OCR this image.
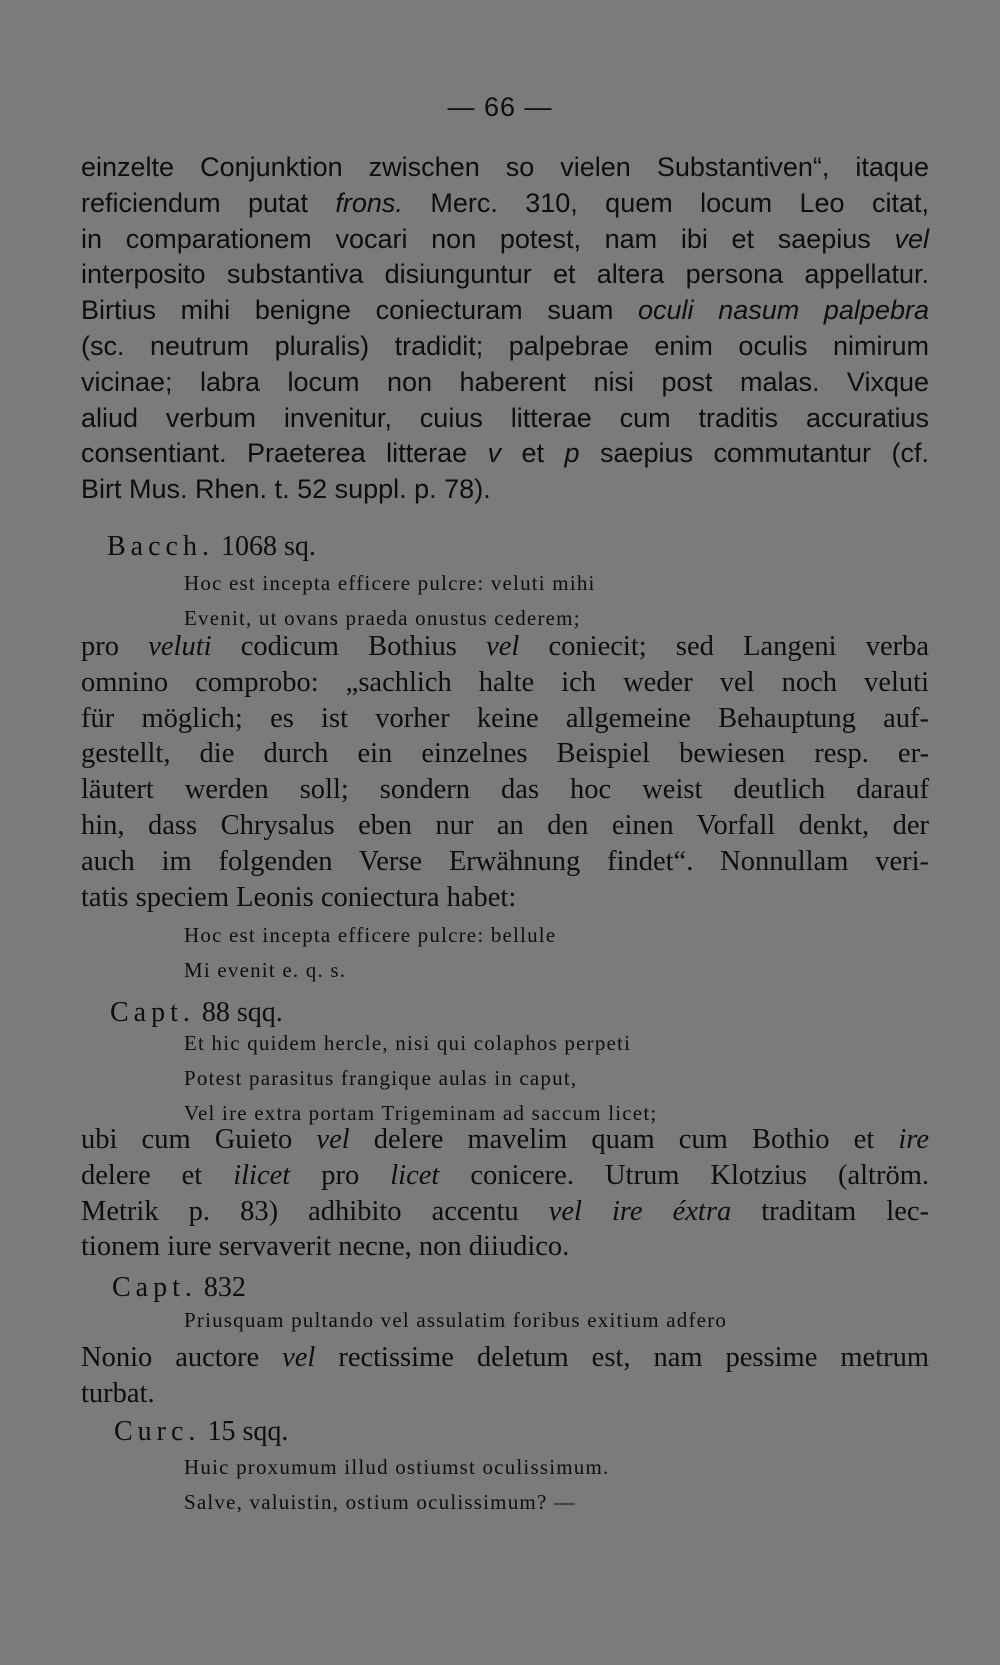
— 66 —
einzelte Conjunktion zwischen so vielen Substantiven“, itaque
reficiendum putat frons. Merc. 310, quem locum Leo citat,
in comparationem vocari non potest, nam ibi et saepius vel
interposito substantiva disiunguntur et altera persona appellatur.
Birtius mihi benigne coniecturam suam oculi nasum palpebra
(sc. neutrum pluralis) tradidit; palpebrae enim oculis nimirum
vicinae; labra locum non haberent nisi post malas. Vixque
aliud verbum invenitur, cuius litterae cum traditis accuratius
consentiant. Praeterea litterae v et p saepius commutantur (cf.
Birt Mus. Rhen. t. 52 suppl. p. 78).
Bacch. 1068 sq.
Hoc est incepta efficere pulcre: veluti mihi
Evenit, ut ovans praeda onustus cederem;
pro veluti codicum Bothius vel coniecit; sed Langeni verba
omnino comprobo: „sachlich halte ich weder vel noch veluti
für möglich; es ist vorher keine allgemeine Behauptung auf-
gestellt, die durch ein einzelnes Beispiel bewiesen resp. er-
läutert werden soll; sondern das hoc weist deutlich darauf
hin, dass Chrysalus eben nur an den einen Vorfall denkt, der
auch im folgenden Verse Erwähnung findet“. Nonnullam veri-
tatis speciem Leonis coniectura habet:
Hoc est incepta efficere pulcre: bellule
Mi evenit e. q. s.
Capt. 88 sqq.
Et hic quidem hercle, nisi qui colaphos perpeti
Potest parasitus frangique aulas in caput,
Vel ire extra portam Trigeminam ad saccum licet;
ubi cum Guieto vel delere mavelim quam cum Bothio et ire
delere et ilicet pro licet conicere. Utrum Klotzius (altröm.
Metrik p. 83) adhibito accentu vel ire éxtra traditam lec-
tionem iure servaverit necne, non diiudico.
Capt. 832
Priusquam pultando vel assulatim foribus exitium adfero
Nonio auctore vel rectissime deletum est, nam pessime metrum
turbat.
Curc. 15 sqq.
Huic proxumum illud ostiumst oculissimum.
Salve, valuistin, ostium oculissimum? —
